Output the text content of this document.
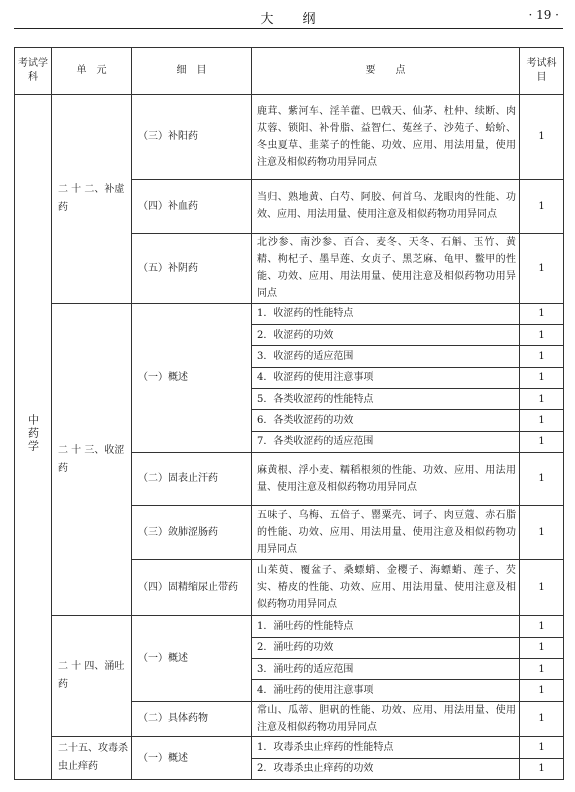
大　　纲	· 19 ·
考试学科	单　元	细　目	要　　点	考试科目
中药学	二 十 二、补虚药	（三）补阳药	鹿茸、紫河车、淫羊藿、巴戟天、仙茅、杜仲、续断、肉苁蓉、锁阳、补骨脂、益智仁、菟丝子、沙苑子、蛤蚧、冬虫夏草、韭菜子的性能、功效、应用、用法用量，使用注意及相似药物功用异同点	1
		（四）补血药	当归、熟地黄、白芍、阿胶、何首乌、龙眼肉的性能、功效、应用、用法用量、使用注意及相似药物功用异同点	1
		（五）补阴药	北沙参、南沙参、百合、麦冬、天冬、石斛、玉竹、黄精、枸杞子、墨旱莲、女贞子、黑芝麻、龟甲、鳖甲的性能、功效、应用、用法用量、使用注意及相似药物功用异同点	1
	二 十 三、收涩药	（一）概述	1．收涩药的性能特点	1
			2．收涩药的功效	1
			3．收涩药的适应范围	1
			4．收涩药的使用注意事项	1
			5．各类收涩药的性能特点	1
			6．各类收涩药的功效	1
			7．各类收涩药的适应范围	1
		（二）固表止汗药	麻黄根、浮小麦、糯稻根须的性能、功效、应用、用法用量、使用注意及相似药物功用异同点	1
		（三）敛肺涩肠药	五味子、乌梅、五倍子、罂粟壳、诃子、肉豆蔻、赤石脂的性能、功效、应用、用法用量、使用注意及相似药物功用异同点	1
		（四）固精缩尿止带药	山茱萸、覆盆子、桑螵蛸、金樱子、海螵蛸、莲子、芡实、椿皮的性能、功效、应用、用法用量、使用注意及相似药物功用异同点	1
	二 十 四、涌吐药	（一）概述	1．涌吐药的性能特点	1
			2．涌吐药的功效	1
			3．涌吐药的适应范围	1
			4．涌吐药的使用注意事项	1
		（二）具体药物	常山、瓜蒂、胆矾的性能、功效、应用、用法用量、使用注意及相似药物功用异同点	1
	二十五、攻毒杀虫止痒药	（一）概述	1．攻毒杀虫止痒药的性能特点	1
			2．攻毒杀虫止痒药的功效	1
